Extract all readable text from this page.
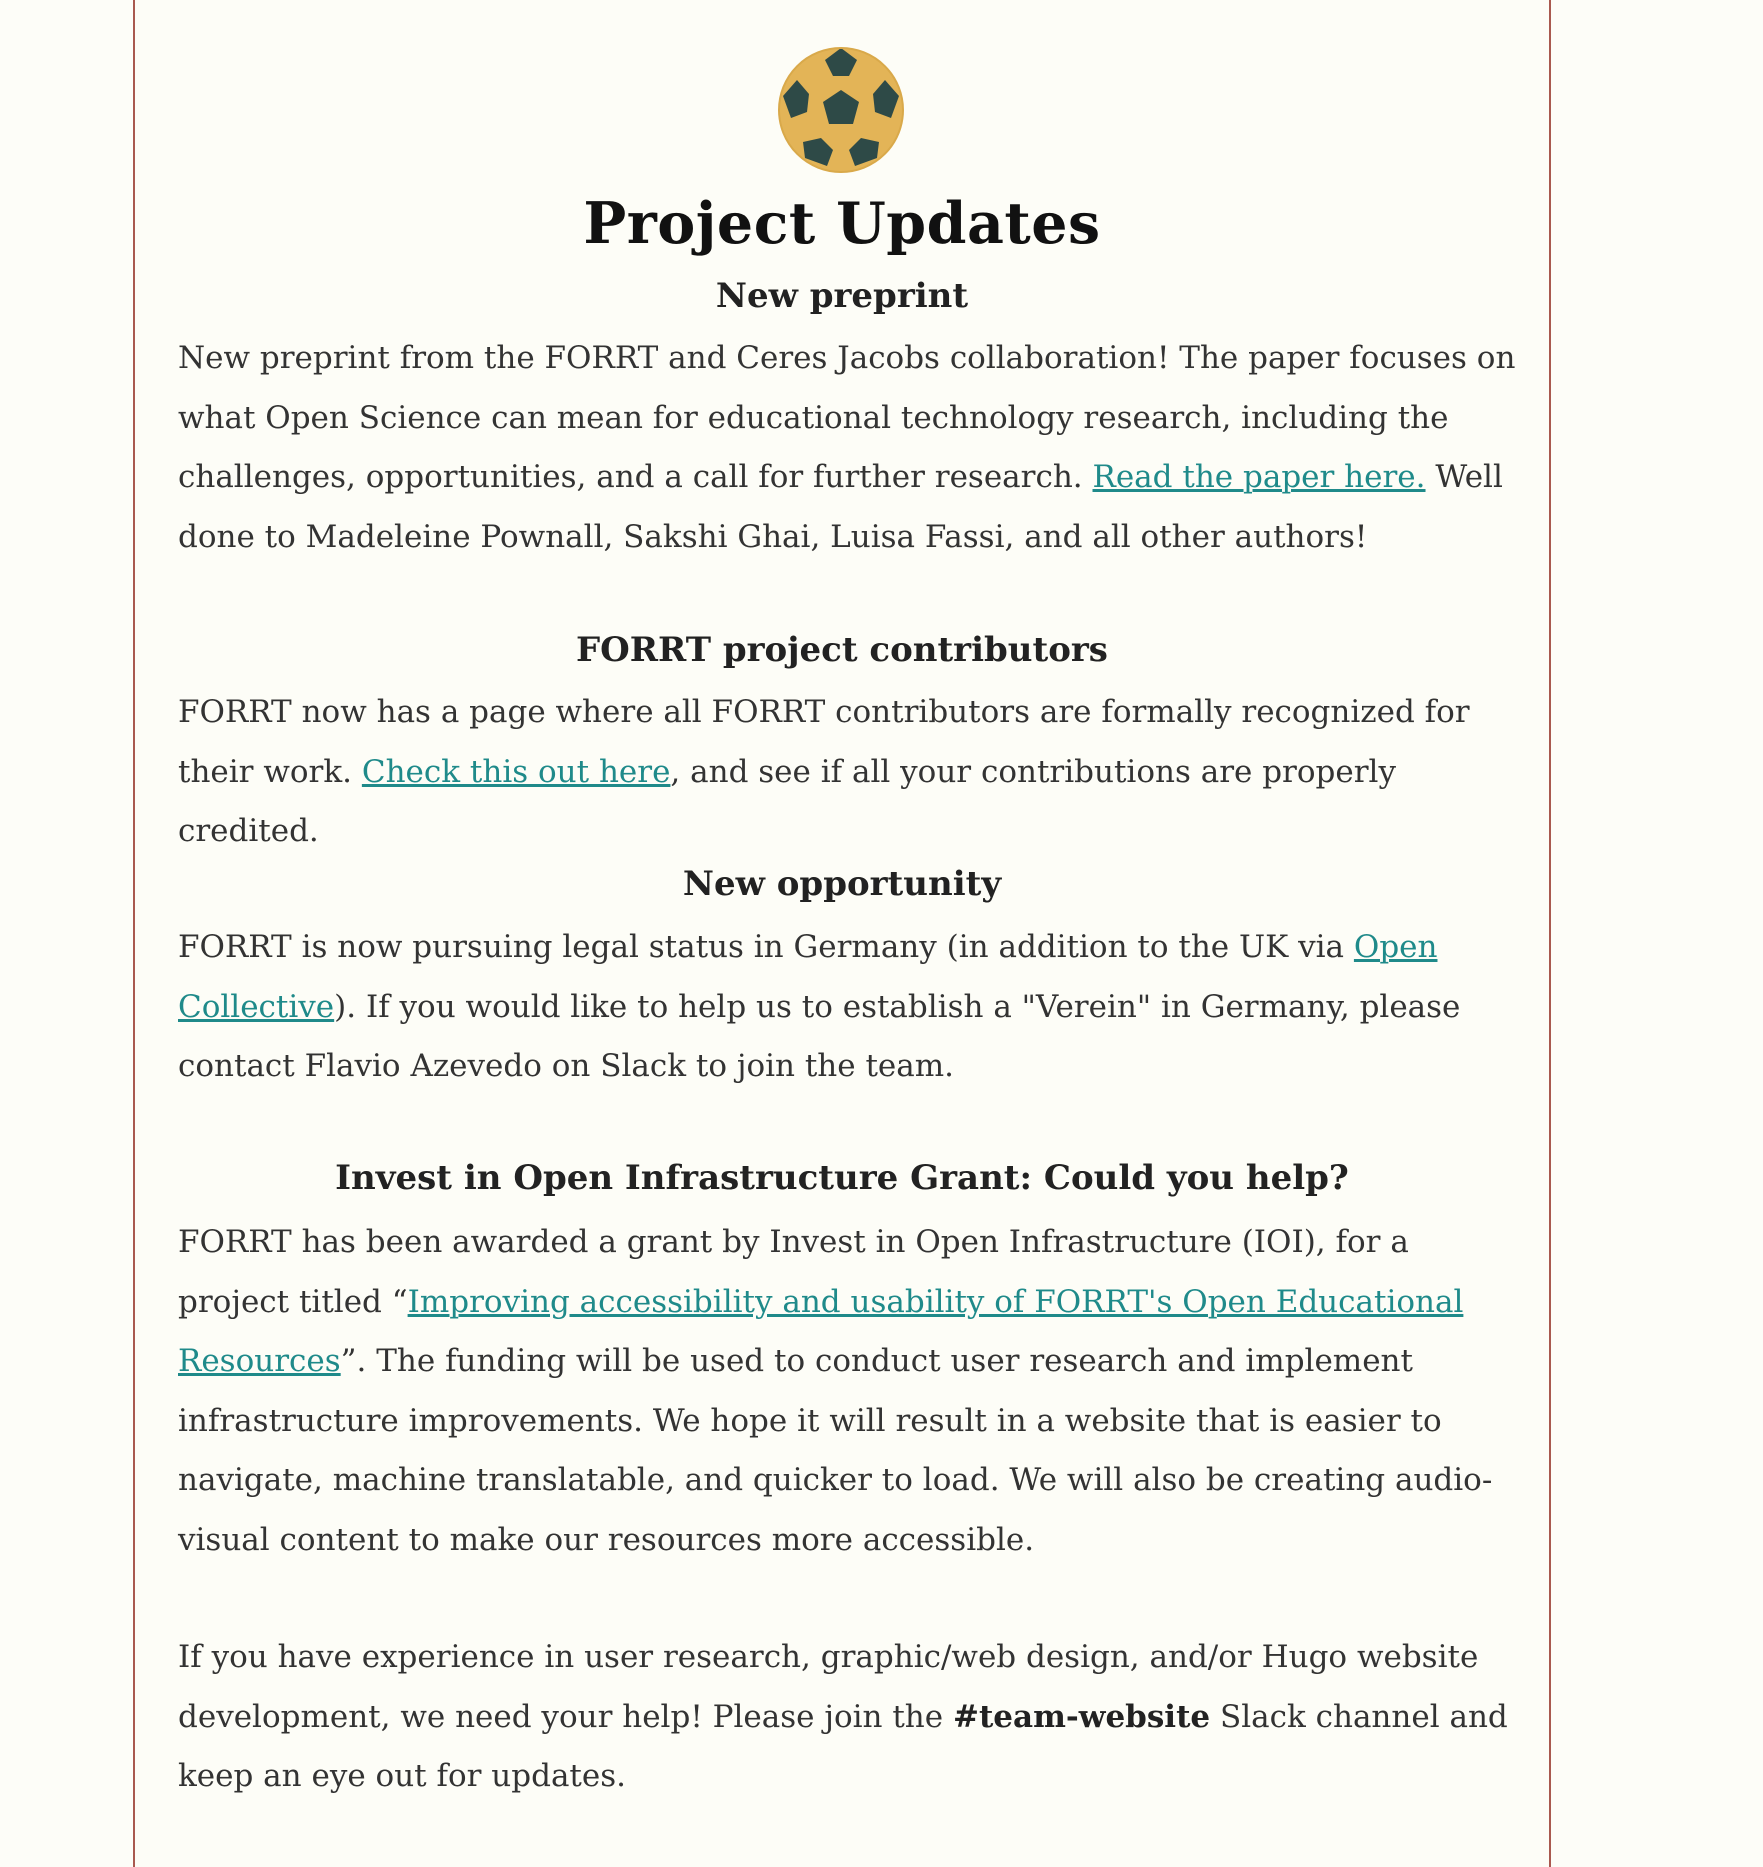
Project Updates
New preprint
New preprint from the FORRT and Ceres Jacobs collaboration! The paper focuses on what Open Science can mean for educational technology research, including the challenges, opportunities, and a call for further research. Read the paper here. Well done to Madeleine Pownall, Sakshi Ghai, Luisa Fassi, and all other authors!
FORRT project contributors
FORRT now has a page where all FORRT contributors are formally recognized for their work. Check this out here, and see if all your contributions are properly credited.
New opportunity
FORRT is now pursuing legal status in Germany (in addition to the UK via Open Collective). If you would like to help us to establish a "Verein" in Germany, please contact Flavio Azevedo on Slack to join the team.
Invest in Open Infrastructure Grant: Could you help?
FORRT has been awarded a grant by Invest in Open Infrastructure (IOI), for a project titled “Improving accessibility and usability of FORRT's Open Educational Resources”. The funding will be used to conduct user research and implement infrastructure improvements. We hope it will result in a website that is easier to navigate, machine translatable, and quicker to load. We will also be creating audio-visual content to make our resources more accessible.
If you have experience in user research, graphic/web design, and/or Hugo website development, we need your help! Please join the #team-website Slack channel and keep an eye out for updates.
